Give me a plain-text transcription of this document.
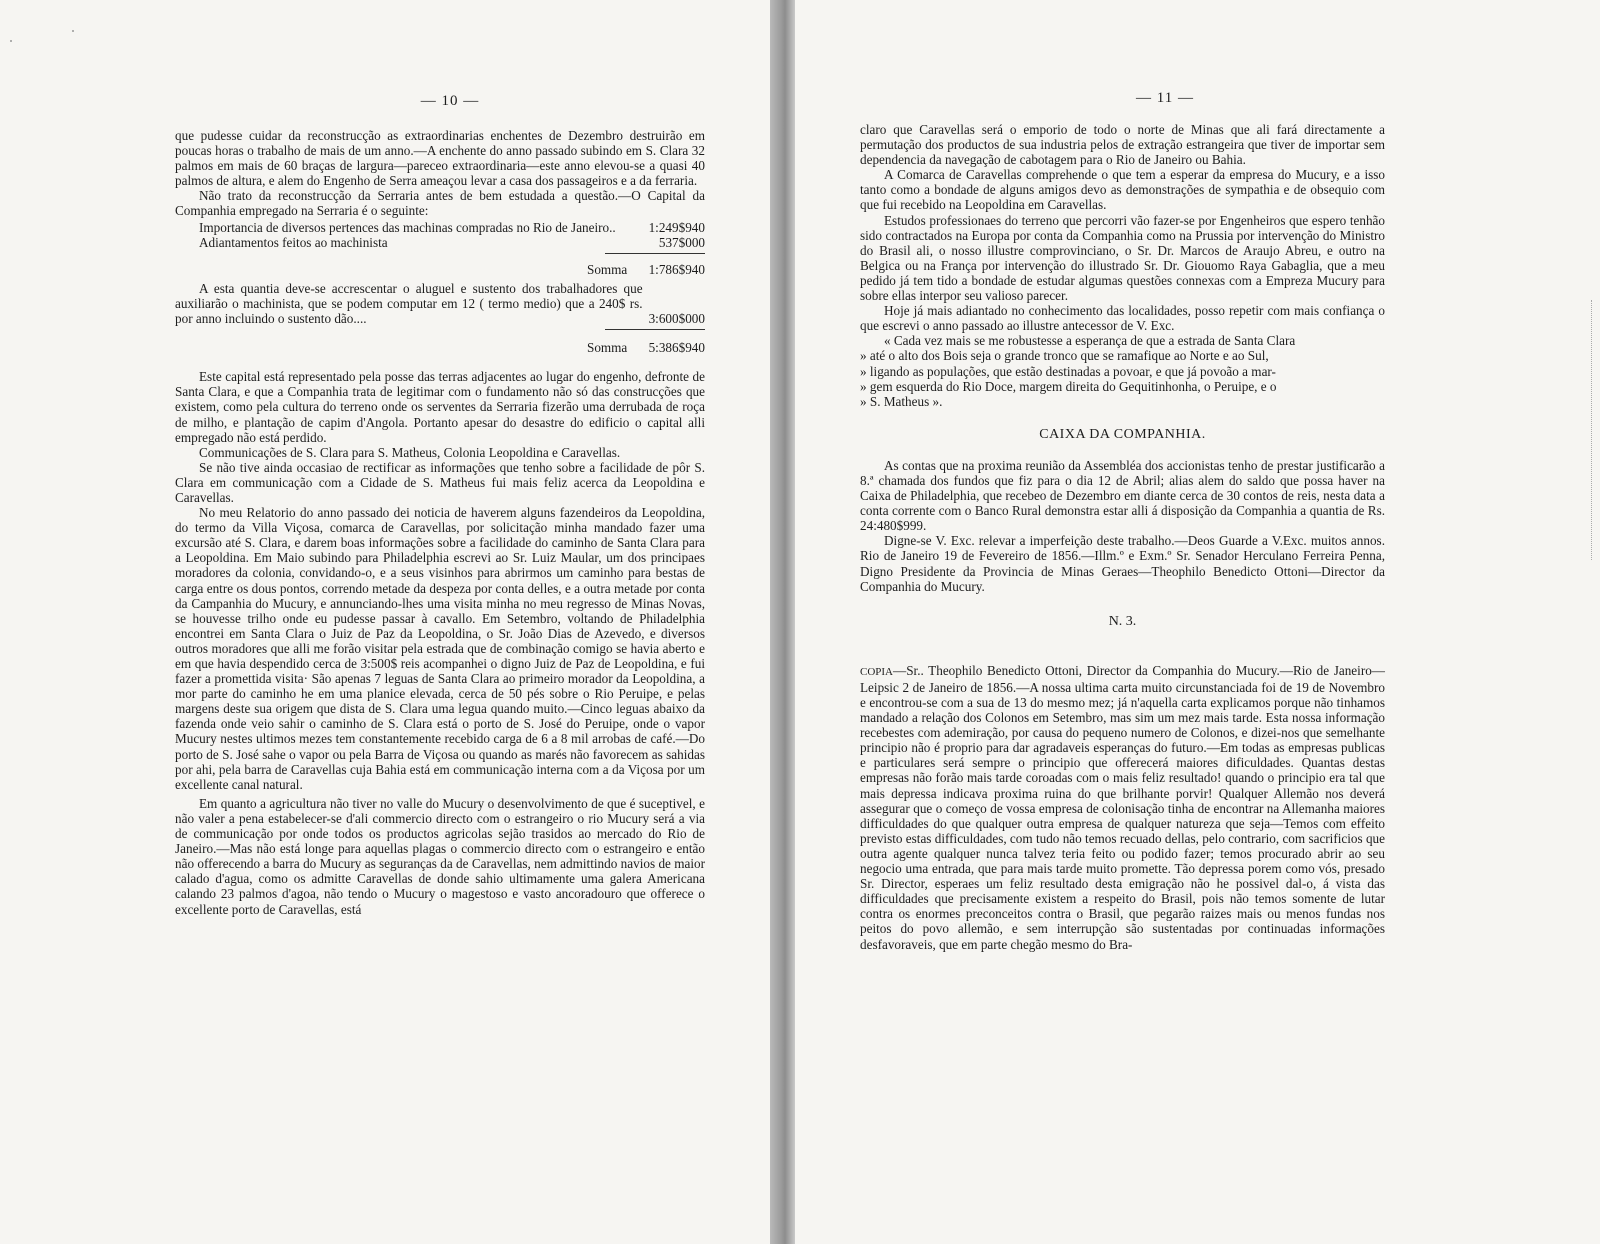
— 10 —

que pudesse cuidar da reconstrucção as extraordinarias enchentes de Dezembro destruirão em poucas horas o trabalho de mais de um anno.—A enchente do anno passado subindo em S. Clara 32 palmos em mais de 60 braças de largura—pareceo extraordinaria—este anno elevou-se a quasi 40 palmos de altura, e alem do Engenho de Serra ameaçou levar a casa dos passageiros e a da ferraria.

Não trato da reconstrucção da Serraria antes de bem estudada a questão.—O Capital da Companhia empregado na Serraria é o seguinte:

Importancia de diversos pertences das machinas compradas no Rio de Janeiro..	1:249$940
Adiantamentos feitos ao machinista	537$000
Somma 1:786$940
A esta quantia deve-se accrescentar o aluguel e sustento dos trabalhadores que auxiliarão o machinista, que se podem computar em 12 ( termo medio) que a 240$ rs. por anno incluindo o sustento dão....	3:600$000
Somma 5:386$940

Este capital está representado pela posse das terras adjacentes ao lugar do engenho, defronte de Santa Clara, e que a Companhia trata de legitimar com o fundamento não só das construcções que existem, como pela cultura do terreno onde os serventes da Serraria fizerão uma derrubada de roça de milho, e plantação de capim d'Angola. Portanto apesar do desastre do edificio o capital alli empregado não está perdido.

Communicações de S. Clara para S. Matheus, Colonia Leopoldina e Caravellas.

Se não tive ainda occasiao de rectificar as informações que tenho sobre a facilidade de pôr S. Clara em communicação com a Cidade de S. Matheus fui mais feliz acerca da Leopoldina e Caravellas.

No meu Relatorio do anno passado dei noticia de haverem alguns fazendeiros da Leopoldina, do termo da Villa Viçosa, comarca de Caravellas, por solicitação minha mandado fazer uma excursão até S. Clara, e darem boas informações sobre a facilidade do caminho de Santa Clara para a Leopoldina. Em Maio subindo para Philadelphia escrevi ao Sr. Luiz Maular, um dos principaes moradores da colonia, convidando-o, e a seus visinhos para abrirmos um caminho para bestas de carga entre os dous pontos, correndo metade da despeza por conta delles, e a outra metade por conta da Campanhia do Mucury, e annunciando-lhes uma visita minha no meu regresso de Minas Novas, se houvesse trilho onde eu pudesse passar à cavallo. Em Setembro, voltando de Philadelphia encontrei em Santa Clara o Juiz de Paz da Leopoldina, o Sr. João Dias de Azevedo, e diversos outros moradores que alli me forão visitar pela estrada que de combinação comigo se havia aberto e em que havia despendido cerca de 3:500$ reis acompanhei o digno Juiz de Paz de Leopoldina, e fui fazer a promettida visita· São apenas 7 leguas de Santa Clara ao primeiro morador da Leopoldina, a mor parte do caminho he em uma planice elevada, cerca de 50 pés sobre o Rio Peruipe, e pelas margens deste sua origem que dista de S. Clara uma legua quando muito.—Cinco leguas abaixo da fazenda onde veio sahir o caminho de S. Clara está o porto de S. José do Peruipe, onde o vapor Mucury nestes ultimos mezes tem constantemente recebido carga de 6 a 8 mil arrobas de café.—Do porto de S. José sahe o vapor ou pela Barra de Viçosa ou quando as marés não favorecem as sahidas por ahi, pela barra de Caravellas cuja Bahia está em communicação interna com a da Viçosa por um excellente canal natural.

Em quanto a agricultura não tiver no valle do Mucury o desenvolvimento de que é suceptivel, e não valer a pena estabelecer-se d'ali commercio directo com o estrangeiro o rio Mucury será a via de communicação por onde todos os productos agricolas sejão trasidos ao mercado do Rio de Janeiro.—Mas não está longe para aquellas plagas o commercio directo com o estrangeiro e então não offerecendo a barra do Mucury as seguranças da de Caravellas, nem admittindo navios de maior calado d'agua, como os admitte Caravellas de donde sahio ultimamente uma galera Americana calando 23 palmos d'agoa, não tendo o Mucury o magestoso e vasto ancoradouro que offerece o excellente porto de Caravellas, está

— 11 —

claro que Caravellas será o emporio de todo o norte de Minas que ali fará directamente a permutação dos productos de sua industria pelos de extração estrangeira que tiver de importar sem dependencia da navegação de cabotagem para o Rio de Janeiro ou Bahia.

A Comarca de Caravellas comprehende o que tem a esperar da empresa do Mucury, e a isso tanto como a bondade de alguns amigos devo as demonstrações de sympathia e de obsequio com que fui recebido na Leopoldina em Caravellas.

Estudos professionaes do terreno que percorri vão fazer-se por Engenheiros que espero tenhão sido contractados na Europa por conta da Companhia como na Prussia por intervenção do Ministro do Brasil ali, o nosso illustre comprovinciano, o Sr. Dr. Marcos de Araujo Abreu, e outro na Belgica ou na França por intervenção do illustrado Sr. Dr. Giouomo Raya Gabaglia, que a meu pedido já tem tido a bondade de estudar algumas questões connexas com a Empreza Mucury para sobre ellas interpor seu valioso parecer.

Hoje já mais adiantado no conhecimento das localidades, posso repetir com mais confiança o que escrevi o anno passado ao illustre antecessor de V. Exc.

« Cada vez mais se me robustesse a esperança de que a estrada de Santa Clara

» até o alto dos Bois seja o grande tronco que se ramafique ao Norte e ao Sul,

» ligando as populações, que estão destinadas a povoar, e que já povoão a mar-

» gem esquerda do Rio Doce, margem direita do Gequitinhonha, o Peruipe, e o

» S. Matheus ».

CAIXA DA COMPANHIA.

As contas que na proxima reunião da Assembléa dos accionistas tenho de prestar justificarão a 8.ª chamada dos fundos que fiz para o dia 12 de Abril; alias alem do saldo que possa haver na Caixa de Philadelphia, que recebeo de Dezembro em diante cerca de 30 contos de reis, nesta data a conta corrente com o Banco Rural demonstra estar alli á disposição da Companhia a quantia de Rs. 24:480$999.

Digne-se V. Exc. relevar a imperfeição deste trabalho.—Deos Guarde a V.Exc. muitos annos. Rio de Janeiro 19 de Fevereiro de 1856.—Illm.º e Exm.º Sr. Senador Herculano Ferreira Penna, Digno Presidente da Provincia de Minas Geraes—Theophilo Benedicto Ottoni—Director da Companhia do Mucury.

N. 3.

COPIA—Sr.. Theophilo Benedicto Ottoni, Director da Companhia do Mucury.—Rio de Janeiro—Leipsic 2 de Janeiro de 1856.—A nossa ultima carta muito circunstanciada foi de 19 de Novembro e encontrou-se com a sua de 13 do mesmo mez; já n'aquella carta explicamos porque não tinhamos mandado a relação dos Colonos em Setembro, mas sim um mez mais tarde. Esta nossa informação recebestes com ademiração, por causa do pequeno numero de Colonos, e dizei-nos que semelhante principio não é proprio para dar agradaveis esperanças do futuro.—Em todas as empresas publicas e particulares será sempre o principio que offerecerá maiores dificuldades. Quantas destas empresas não forão mais tarde coroadas com o mais feliz resultado! quando o principio era tal que mais depressa indicava proxima ruina do que brilhante porvir! Qualquer Allemão nos deverá assegurar que o começo de vossa empresa de colonisação tinha de encontrar na Allemanha maiores difficuldades do que qualquer outra empresa de qualquer natureza que seja—Temos com effeito previsto estas difficuldades, com tudo não temos recuado dellas, pelo contrario, com sacrificios que outra agente qualquer nunca talvez teria feito ou podido fazer; temos procurado abrir ao seu negocio uma entrada, que para mais tarde muito promette. Tão depressa porem como vós, presado Sr. Director, esperaes um feliz resultado desta emigração não he possivel dal-o, á vista das difficuldades que precisamente existem a respeito do Brasil, pois não temos somente de lutar contra os enormes preconceitos contra o Brasil, que pegarão raizes mais ou menos fundas nos peitos do povo allemão, e sem interrupção são sustentadas por continuadas informações desfavoraveis, que em parte chegão mesmo do Bra-
